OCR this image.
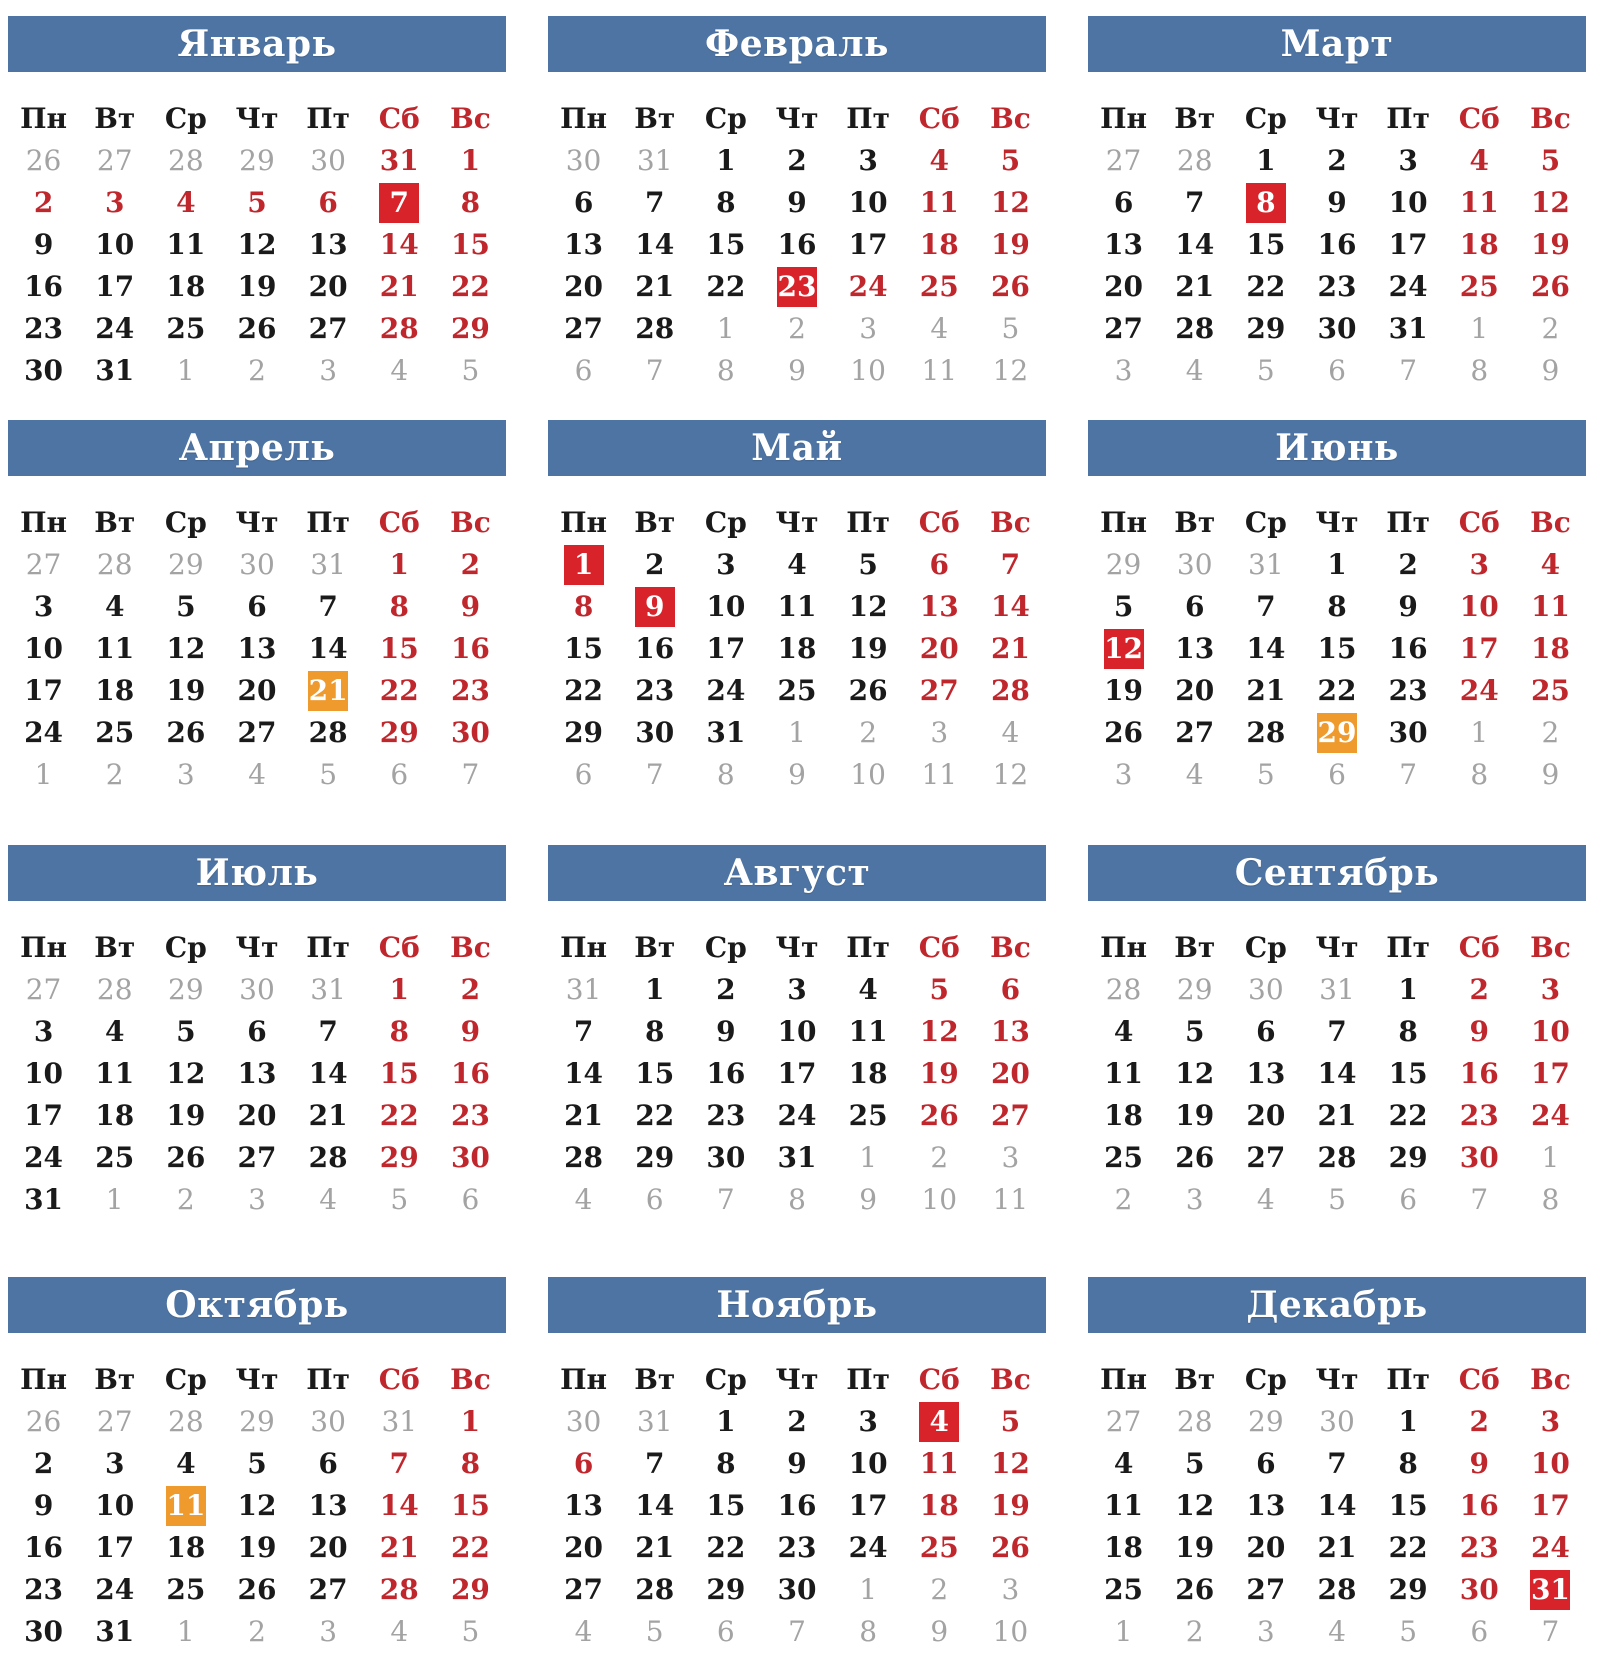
Январь
Пн Вт	Ср	Чт Пт	Сб	Вс
26 27 28 29 30 31	1
2	3	4	5	6	7	8
9	10 11 12 13 14 15
16 17 18 19 20 21 22
23 24 25 26 27 28 29
30 31	1	2	3	4	5
Февраль
Пн Вт	Ср	Чт Пт	Сб	Вс
30 31	1	2	3	4	5
6	7	8	9	10 11 12
13 14 15 16 17 18 19
20 21 22 23 24 25 26
27 28	1	2	3	4	5
6	7	8	9	10 11 12
Март
Пн Вт	Ср	Чт Пт	Сб	Вс
27 28	1	2	3	4	5
6	7	8	9	10 11 12
13 14 15 16 17 18 19
20 21 22 23 24 25 26
27 28 29 30 31	1	2
3	4	5	6	7	8	9
Апрель
Пн Вт	Ср	Чт Пт	Сб	Вс
27 28 29 30 31	1	2
3	4	5	6	7	8	9
10 11 12 13 14 15 16
17 18 19 20 21 22 23
24 25 26 27 28 29 30
1	2	3	4	5	6	7
Май
Пн Вт	Ср	Чт Пт	Сб	Вс
1	2	3	4	5	6	7
8	9	10 11 12 13 14
15 16 17 18 19 20 21
22 23 24 25 26 27 28
29 30 31	1	2	3	4
6	7	8	9	10 11 12
Июнь
Пн Вт	Ср	Чт Пт	Сб	Вс
29 30 31	1	2	3	4
5	6	7	8	9	10 11
12 13 14 15 16 17 18
19 20 21 22 23 24 25
26 27 28 29 30	1	2
3	4	5	6	7	8	9
Июль
Пн Вт	Ср	Чт Пт	Сб	Вс
27 28 29 30 31	1	2
3	4	5	6	7	8	9
10 11 12 13 14 15 16
17 18 19 20 21 22 23
24 25 26 27 28 29 30
31	1	2	3	4	5	6
Август
Пн Вт	Ср	Чт Пт	Сб	Вс
31	1	2	3	4	5	6
7	8	9	10 11 12 13
14 15 16 17 18 19 20
21 22 23 24 25 26 27
28 29 30 31	1	2	3
4	6	7	8	9	10 11
Сентябрь
Пн Вт	Ср	Чт Пт	Сб	Вс
28 29 30 31	1	2	3
4	5	6	7	8	9	10
11 12 13 14 15 16 17
18 19 20 21 22 23 24
25 26 27 28 29 30	1
2	3	4	5	6	7	8
Октябрь
Пн Вт	Ср	Чт Пт	Сб	Вс
26 27 28 29 30 31	1
2	3	4	5	6	7	8
9	10 11 12 13 14 15
16 17 18 19 20 21 22
23 24 25 26 27 28 29
30 31	1	2	3	4	5
Ноябрь
Пн Вт	Ср	Чт Пт	Сб	Вс
30 31	1	2	3	4	5
6	7	8	9	10 11 12
13 14 15 16 17 18 19
20 21 22 23 24 25 26
27 28 29 30	1	2	3
4	5	6	7	8	9	10
Декабрь
Пн Вт	Ср	Чт Пт	Сб	Вс
27 28 29 30	1	2	3
4	5	6	7	8	9	10
11 12 13 14 15 16 17
18 19 20 21 22 23 24
25 26 27 28 29 30 31
1	2	3	4	5	6	7
